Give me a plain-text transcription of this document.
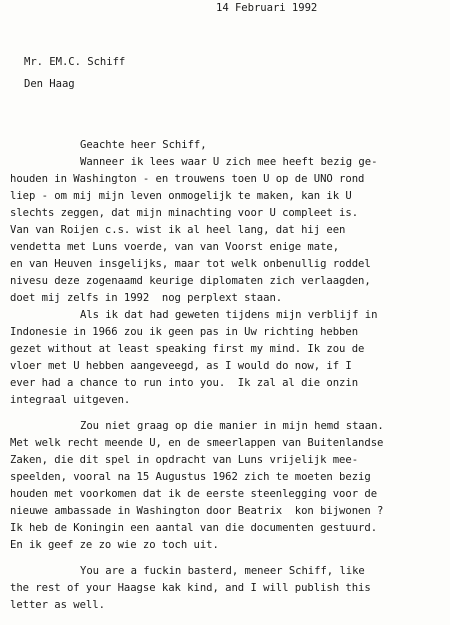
14 Februari 1992

Mr. EM.C. Schiff

Den Haag

Geachte heer Schiff,

Wanneer ik lees waar U zich mee heeft bezig ge-

houden in Washington - en trouwens toen U op de UNO rond

liep - om mij mijn leven onmogelijk te maken, kan ik U

slechts zeggen, dat mijn minachting voor U compleet is.

Van van Roijen c.s. wist ik al heel lang, dat hij een

vendetta met Luns voerde, van van Voorst enige mate,

en van Heuven insgelijks, maar tot welk onbenullig roddel

nivesu deze zogenaamd keurige diplomaten zich verlaagden,

doet mij zelfs in 1992  nog perplext staan.

Als ik dat had geweten tijdens mijn verblijf in

Indonesie in 1966 zou ik geen pas in Uw richting hebben

gezet without at least speaking first my mind. Ik zou de

vloer met U hebben aangeveegd, as I would do now, if I

ever had a chance to run into you.  Ik zal al die onzin

integraal uitgeven.

Zou niet graag op die manier in mijn hemd staan.

Met welk recht meende U, en de smeerlappen van Buitenlandse

Zaken, die dit spel in opdracht van Luns vrijelijk mee-

speelden, vooral na 15 Augustus 1962 zich te moeten bezig

houden met voorkomen dat ik de eerste steenlegging voor de

nieuwe ambassade in Washington door Beatrix  kon bijwonen ?

Ik heb de Koningin een aantal van die documenten gestuurd.

En ik geef ze zo wie zo toch uit.

You are a fuckin basterd, meneer Schiff, like

the rest of your Haagse kak kind, and I will publish this

letter as well.
